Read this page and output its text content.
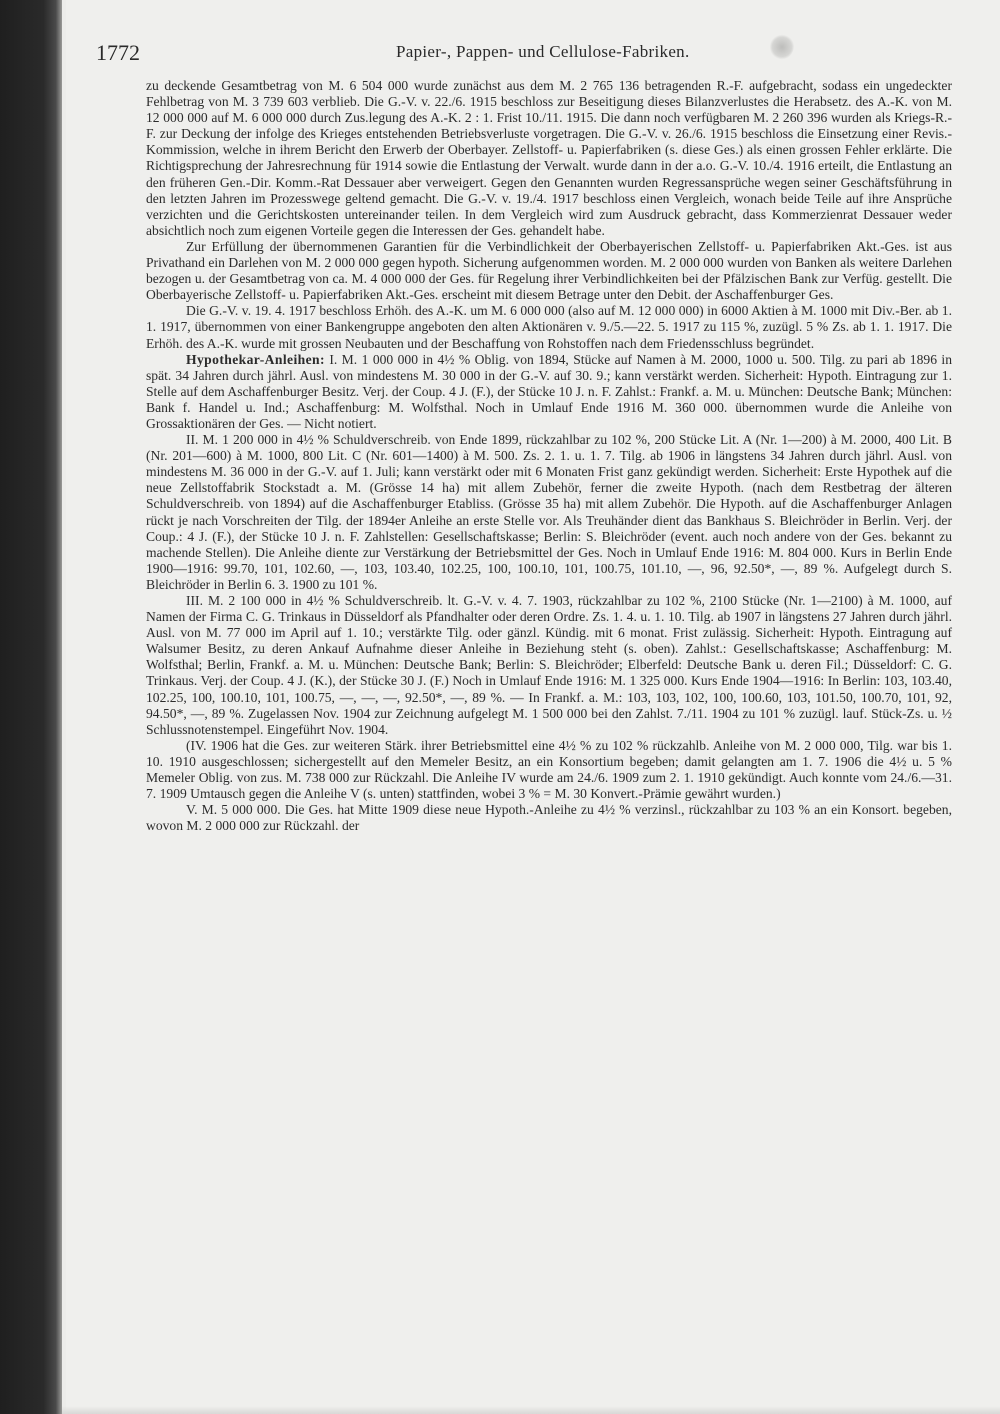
1772	Papier-, Pappen- und Cellulose-Fabriken.

zu deckende Gesamtbetrag von M. 6 504 000 wurde zunächst aus dem M. 2 765 136 betragenden R.-F. aufgebracht, sodass ein ungedeckter Fehlbetrag von M. 3 739 603 verblieb. Die G.-V. v. 22./6. 1915 beschloss zur Beseitigung dieses Bilanzverlustes die Herabsetz. des A.-K. von M. 12 000 000 auf M. 6 000 000 durch Zus.legung des A.-K. 2 : 1. Frist 10./11. 1915. Die dann noch verfügbaren M. 2 260 396 wurden als Kriegs-R.-F. zur Deckung der infolge des Krieges entstehenden Betriebsverluste vorgetragen. Die G.-V. v. 26./6. 1915 beschloss die Einsetzung einer Revis.-Kommission, welche in ihrem Bericht den Erwerb der Oberbayer. Zellstoff- u. Papierfabriken (s. diese Ges.) als einen grossen Fehler erklärte. Die Richtigsprechung der Jahresrechnung für 1914 sowie die Entlastung der Verwalt. wurde dann in der a.o. G.-V. 10./4. 1916 erteilt, die Entlastung an den früheren Gen.-Dir. Komm.-Rat Dessauer aber verweigert. Gegen den Genannten wurden Regressansprüche wegen seiner Geschäftsführung in den letzten Jahren im Prozesswege geltend gemacht. Die G.-V. v. 19./4. 1917 beschloss einen Vergleich, wonach beide Teile auf ihre Ansprüche verzichten und die Gerichtskosten untereinander teilen. In dem Vergleich wird zum Ausdruck gebracht, dass Kommerzienrat Dessauer weder absichtlich noch zum eigenen Vorteile gegen die Interessen der Ges. gehandelt habe.

Zur Erfüllung der übernommenen Garantien für die Verbindlichkeit der Oberbayerischen Zellstoff- u. Papierfabriken Akt.-Ges. ist aus Privathand ein Darlehen von M. 2 000 000 gegen hypoth. Sicherung aufgenommen worden. M. 2 000 000 wurden von Banken als weitere Darlehen bezogen u. der Gesamtbetrag von ca. M. 4 000 000 der Ges. für Regelung ihrer Verbindlichkeiten bei der Pfälzischen Bank zur Verfüg. gestellt. Die Oberbayerische Zellstoff- u. Papierfabriken Akt.-Ges. erscheint mit diesem Betrage unter den Debit. der Aschaffenburger Ges.

Die G.-V. v. 19. 4. 1917 beschloss Erhöh. des A.-K. um M. 6 000 000 (also auf M. 12 000 000) in 6000 Aktien à M. 1000 mit Div.-Ber. ab 1. 1. 1917, übernommen von einer Bankengruppe angeboten den alten Aktionären v. 9./5.—22. 5. 1917 zu 115 %, zuzügl. 5 % Zs. ab 1. 1. 1917. Die Erhöh. des A.-K. wurde mit grossen Neubauten und der Beschaffung von Rohstoffen nach dem Friedensschluss begründet.

Hypothekar-Anleihen: I. M. 1 000 000 in 4½ % Oblig. von 1894, Stücke auf Namen à M. 2000, 1000 u. 500. Tilg. zu pari ab 1896 in spät. 34 Jahren durch jährl. Ausl. von mindestens M. 30 000 in der G.-V. auf 30. 9.; kann verstärkt werden. Sicherheit: Hypoth. Eintragung zur 1. Stelle auf dem Aschaffenburger Besitz. Verj. der Coup. 4 J. (F.), der Stücke 10 J. n. F. Zahlst.: Frankf. a. M. u. München: Deutsche Bank; München: Bank f. Handel u. Ind.; Aschaffenburg: M. Wolfsthal. Noch in Umlauf Ende 1916 M. 360 000. übernommen wurde die Anleihe von Grossaktionären der Ges. — Nicht notiert.

II. M. 1 200 000 in 4½ % Schuldverschreib. von Ende 1899, rückzahlbar zu 102 %, 200 Stücke Lit. A (Nr. 1—200) à M. 2000, 400 Lit. B (Nr. 201—600) à M. 1000, 800 Lit. C (Nr. 601—1400) à M. 500. Zs. 2. 1. u. 1. 7. Tilg. ab 1906 in längstens 34 Jahren durch jährl. Ausl. von mindestens M. 36 000 in der G.-V. auf 1. Juli; kann verstärkt oder mit 6 Monaten Frist ganz gekündigt werden. Sicherheit: Erste Hypothek auf die neue Zellstoffabrik Stockstadt a. M. (Grösse 14 ha) mit allem Zubehör, ferner die zweite Hypoth. (nach dem Restbetrag der älteren Schuldverschreib. von 1894) auf die Aschaffenburger Etabliss. (Grösse 35 ha) mit allem Zubehör. Die Hypoth. auf die Aschaffenburger Anlagen rückt je nach Vorschreiten der Tilg. der 1894er Anleihe an erste Stelle vor. Als Treuhänder dient das Bankhaus S. Bleichröder in Berlin. Verj. der Coup.: 4 J. (F.), der Stücke 10 J. n. F. Zahlstellen: Gesellschaftskasse; Berlin: S. Bleichröder (event. auch noch andere von der Ges. bekannt zu machende Stellen). Die Anleihe diente zur Verstärkung der Betriebsmittel der Ges. Noch in Umlauf Ende 1916: M. 804 000. Kurs in Berlin Ende 1900—1916: 99.70, 101, 102.60, —, 103, 103.40, 102.25, 100, 100.10, 101, 100.75, 101.10, —, 96, 92.50*, —, 89 %. Aufgelegt durch S. Bleichröder in Berlin 6. 3. 1900 zu 101 %.

III. M. 2 100 000 in 4½ % Schuldverschreib. lt. G.-V. v. 4. 7. 1903, rückzahlbar zu 102 %, 2100 Stücke (Nr. 1—2100) à M. 1000, auf Namen der Firma C. G. Trinkaus in Düsseldorf als Pfandhalter oder deren Ordre. Zs. 1. 4. u. 1. 10. Tilg. ab 1907 in längstens 27 Jahren durch jährl. Ausl. von M. 77 000 im April auf 1. 10.; verstärkte Tilg. oder gänzl. Kündig. mit 6 monat. Frist zulässig. Sicherheit: Hypoth. Eintragung auf Walsumer Besitz, zu deren Ankauf Aufnahme dieser Anleihe in Beziehung steht (s. oben). Zahlst.: Gesellschaftskasse; Aschaffenburg: M. Wolfsthal; Berlin, Frankf. a. M. u. München: Deutsche Bank; Berlin: S. Bleichröder; Elberfeld: Deutsche Bank u. deren Fil.; Düsseldorf: C. G. Trinkaus. Verj. der Coup. 4 J. (K.), der Stücke 30 J. (F.) Noch in Umlauf Ende 1916: M. 1 325 000. Kurs Ende 1904—1916: In Berlin: 103, 103.40, 102.25, 100, 100.10, 101, 100.75, —, —, —, 92.50*, —, 89 %. — In Frankf. a. M.: 103, 103, 102, 100, 100.60, 103, 101.50, 100.70, 101, 92, 94.50*, —, 89 %. Zugelassen Nov. 1904 zur Zeichnung aufgelegt M. 1 500 000 bei den Zahlst. 7./11. 1904 zu 101 % zuzügl. lauf. Stück-Zs. u. ½ Schlussnotenstempel. Eingeführt Nov. 1904.

(IV. 1906 hat die Ges. zur weiteren Stärk. ihrer Betriebsmittel eine 4½ % zu 102 % rückzahlb. Anleihe von M. 2 000 000, Tilg. war bis 1. 10. 1910 ausgeschlossen; sichergestellt auf den Memeler Besitz, an ein Konsortium begeben; damit gelangten am 1. 7. 1906 die 4½ u. 5 % Memeler Oblig. von zus. M. 738 000 zur Rückzahl. Die Anleihe IV wurde am 24./6. 1909 zum 2. 1. 1910 gekündigt. Auch konnte vom 24./6.—31. 7. 1909 Umtausch gegen die Anleihe V (s. unten) stattfinden, wobei 3 % = M. 30 Konvert.-Prämie gewährt wurden.)

V. M. 5 000 000. Die Ges. hat Mitte 1909 diese neue Hypoth.-Anleihe zu 4½ % verzinsl., rückzahlbar zu 103 % an ein Konsort. begeben, wovon M. 2 000 000 zur Rückzahl. der
